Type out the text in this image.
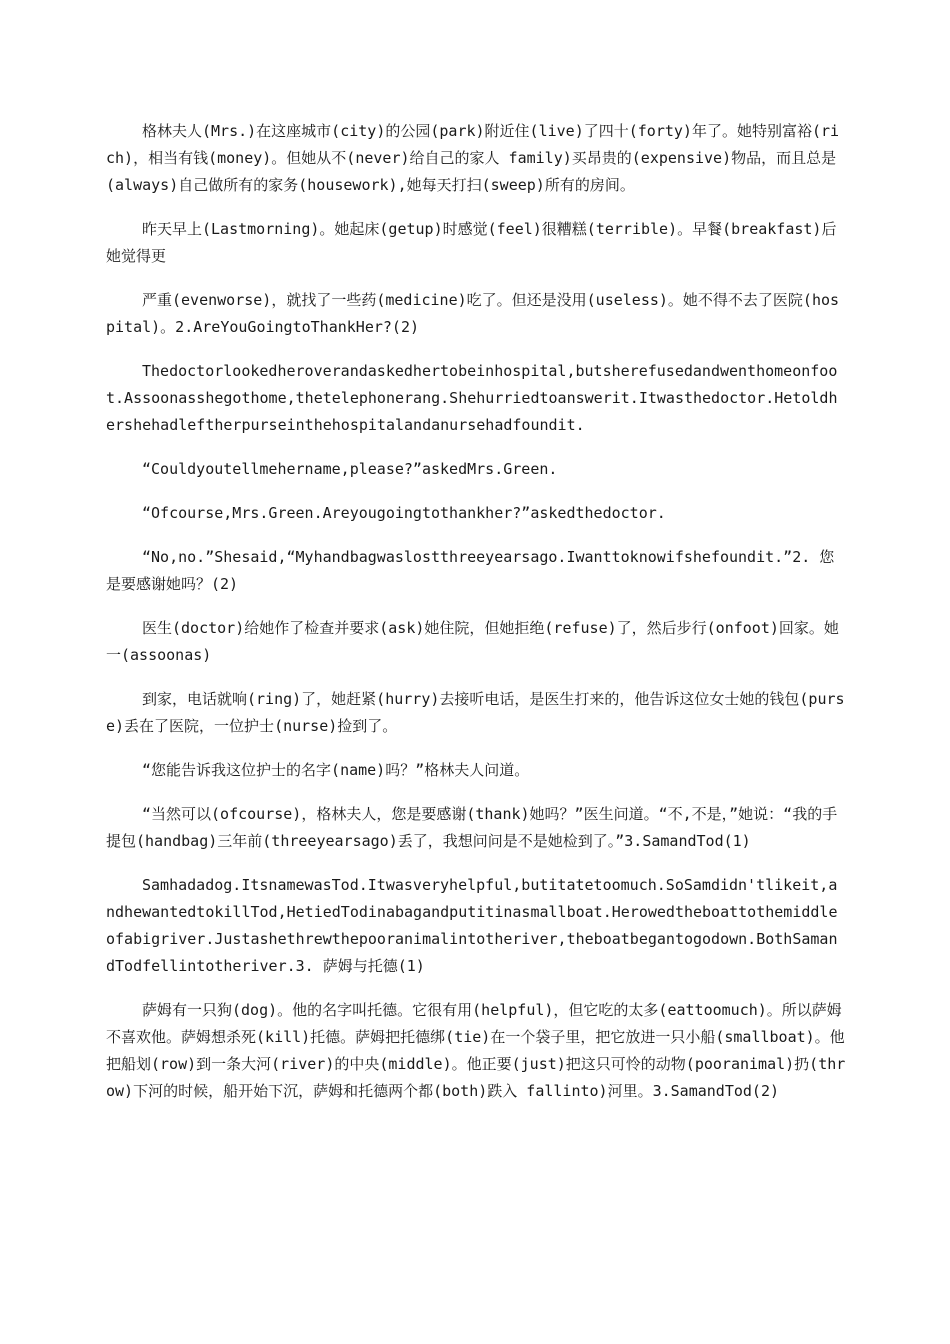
格林夫人(Mrs.)在这座城市(city)的公园(park)附近住(live)了四十(forty)年了。她特别富裕(rich)，相当有钱(money)。但她从不(never)给自己的家人 family)买昂贵的(expensive)物品，而且总是(always)自己做所有的家务(housework),她每天打扫(sweep)所有的房间。

昨天早上(Lastmorning)。她起床(getup)时感觉(feel)很糟糕(terrible)。早餐(breakfast)后她觉得更

严重(evenworse)，就找了一些药(medicine)吃了。但还是没用(useless)。她不得不去了医院(hospital)。2.AreYouGoingtoThankHer?(2)

Thedoctorlookedheroverandaskedhertobeinhospital,butsherefusedandwenthomeonfoot.Assoonasshegothome,thetelephonerang.Shehurriedtoanswerit.Itwasthedoctor.Hetoldhershehadleftherpurseinthehospitalandanursehadfoundit.

“Couldyoutellmehername,please?”askedMrs.Green.

“Ofcourse,Mrs.Green.Areyougoingtothankher?”askedthedoctor.

“No,no.”Shesaid,“Myhandbagwaslostthreeyearsago.Iwanttoknowifshefoundit.”2. 您是要感谢她吗？(2)

医生(doctor)给她作了检查并要求(ask)她住院，但她拒绝(refuse)了，然后步行(onfoot)回家。她一(assoonas)

到家，电话就响(ring)了，她赶紧(hurry)去接听电话，是医生打来的，他告诉这位女士她的钱包(purse)丢在了医院，一位护士(nurse)捡到了。

“您能告诉我这位护士的名字(name)吗？”格林夫人问道。

“当然可以(ofcourse)，格林夫人，您是要感谢(thank)她吗？”医生问道。“不,不是，”她说：“我的手提包(handbag)三年前(threeyearsago)丢了，我想问问是不是她检到了。”3.SamandTod(1)

Samhadadog.ItsnamewasTod.Itwasveryhelpful,butitatetoomuch.SoSamdidn'tlikeit,andhewantedtokillTod,HetiedTodinabagandputitinasmallboat.Herowedtheboattothemiddleofabigriver.Justashethrewthepooranimalintotheriver,theboatbegantogodown.BothSamandTodfellintotheriver.3. 萨姆与托德(1)

萨姆有一只狗(dog)。他的名字叫托德。它很有用(helpful)，但它吃的太多(eattoomuch)。所以萨姆不喜欢他。萨姆想杀死(kill)托德。萨姆把托德绑(tie)在一个袋子里，把它放进一只小船(smallboat)。他把船划(row)到一条大河(river)的中央(middle)。他正要(just)把这只可怜的动物(pooranimal)扔(throw)下河的时候，船开始下沉，萨姆和托德两个都(both)跌入 fallinto)河里。3.SamandTod(2)
